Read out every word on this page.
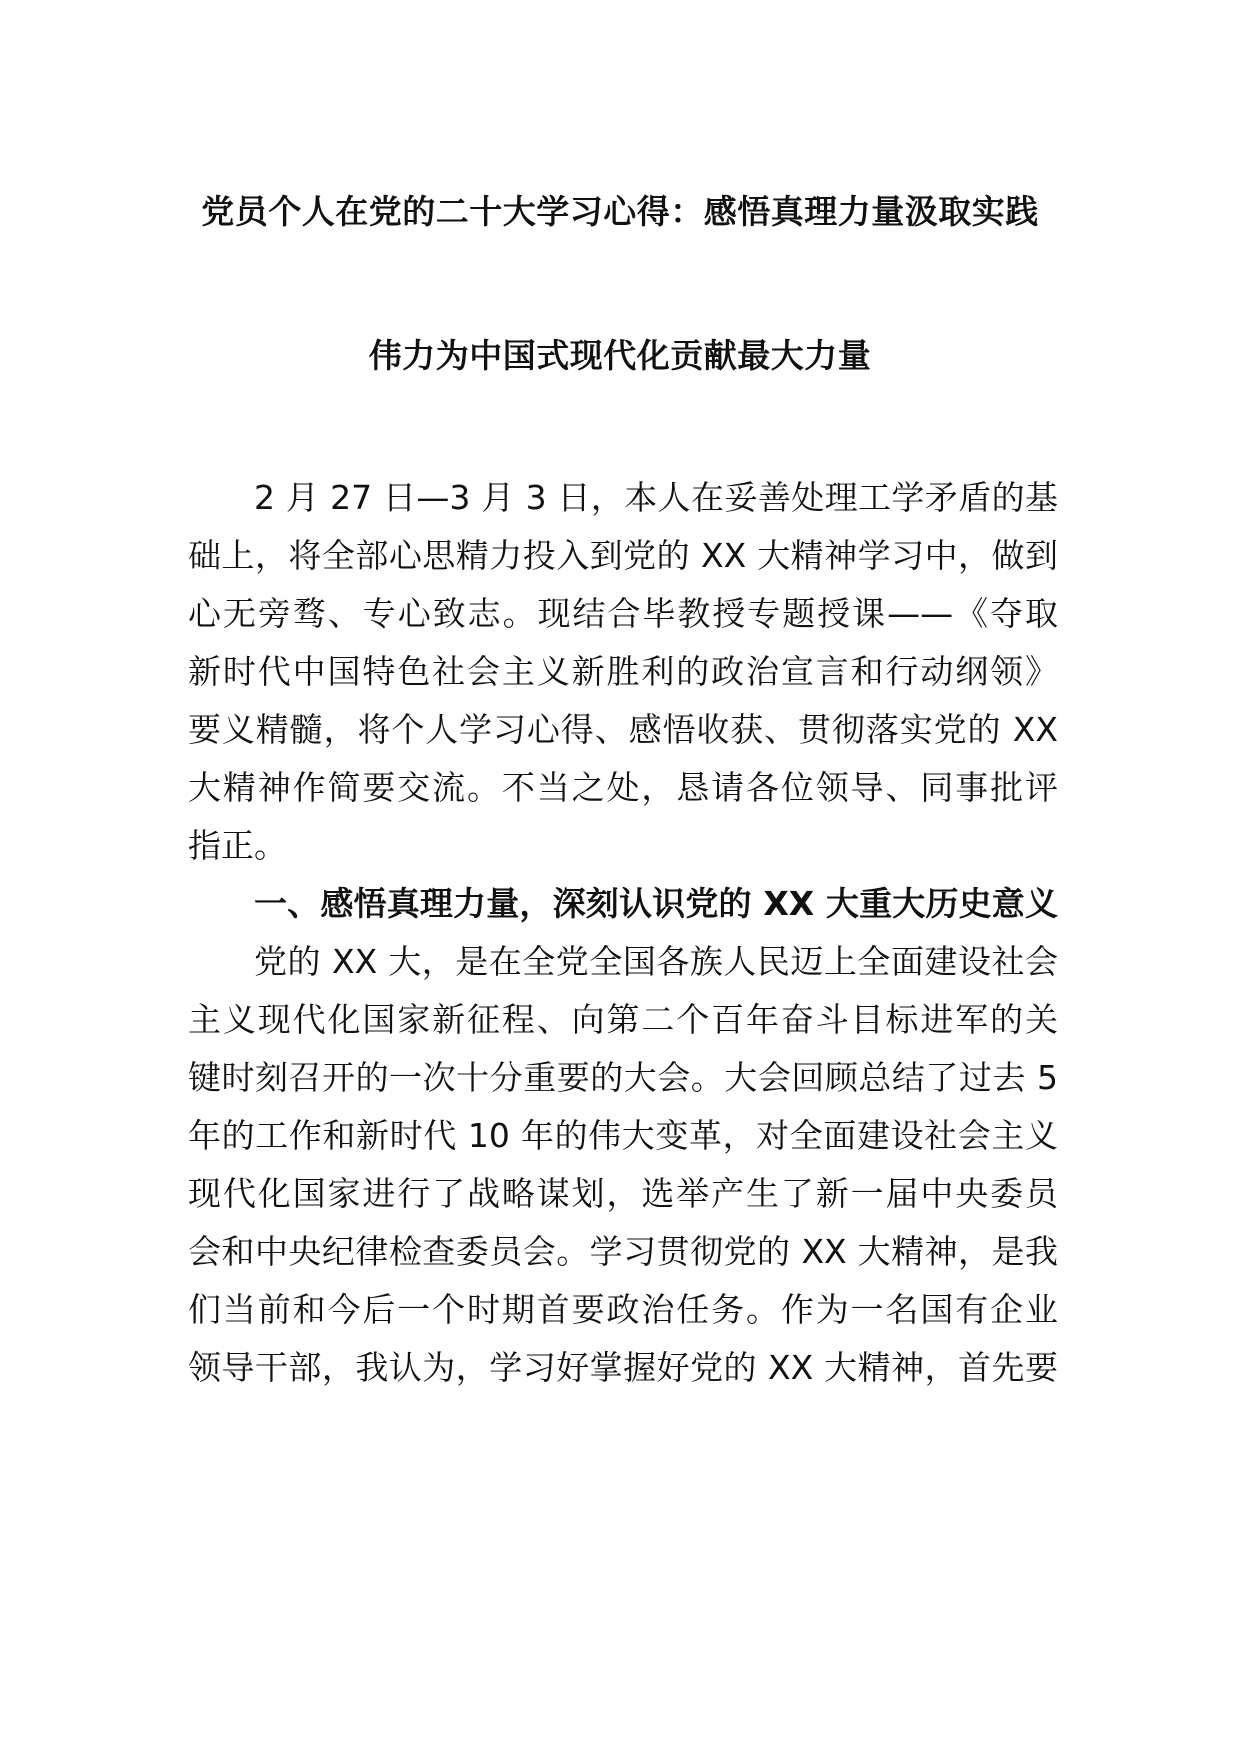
党员个人在党的二十大学习心得：感悟真理力量汲取实践
伟力为中国式现代化贡献最大力量
2 月 27 日—3 月 3 日，本人在妥善处理工学矛盾的基
础上，将全部心思精力投入到党的 XX 大精神学习中，做到
心无旁骛、专心致志。现结合毕教授专题授课——《夺取
新时代中国特色社会主义新胜利的政治宣言和行动纲领》
要义精髓，将个人学习心得、感悟收获、贯彻落实党的 XX
大精神作简要交流。不当之处，恳请各位领导、同事批评
指正。
一、感悟真理力量，深刻认识党的 XX 大重大历史意义
党的 XX 大，是在全党全国各族人民迈上全面建设社会
主义现代化国家新征程、向第二个百年奋斗目标进军的关
键时刻召开的一次十分重要的大会。大会回顾总结了过去 5
年的工作和新时代 10 年的伟大变革，对全面建设社会主义
现代化国家进行了战略谋划，选举产生了新一届中央委员
会和中央纪律检查委员会。学习贯彻党的 XX 大精神，是我
们当前和今后一个时期首要政治任务。作为一名国有企业
领导干部，我认为，学习好掌握好党的 XX 大精神，首先要
